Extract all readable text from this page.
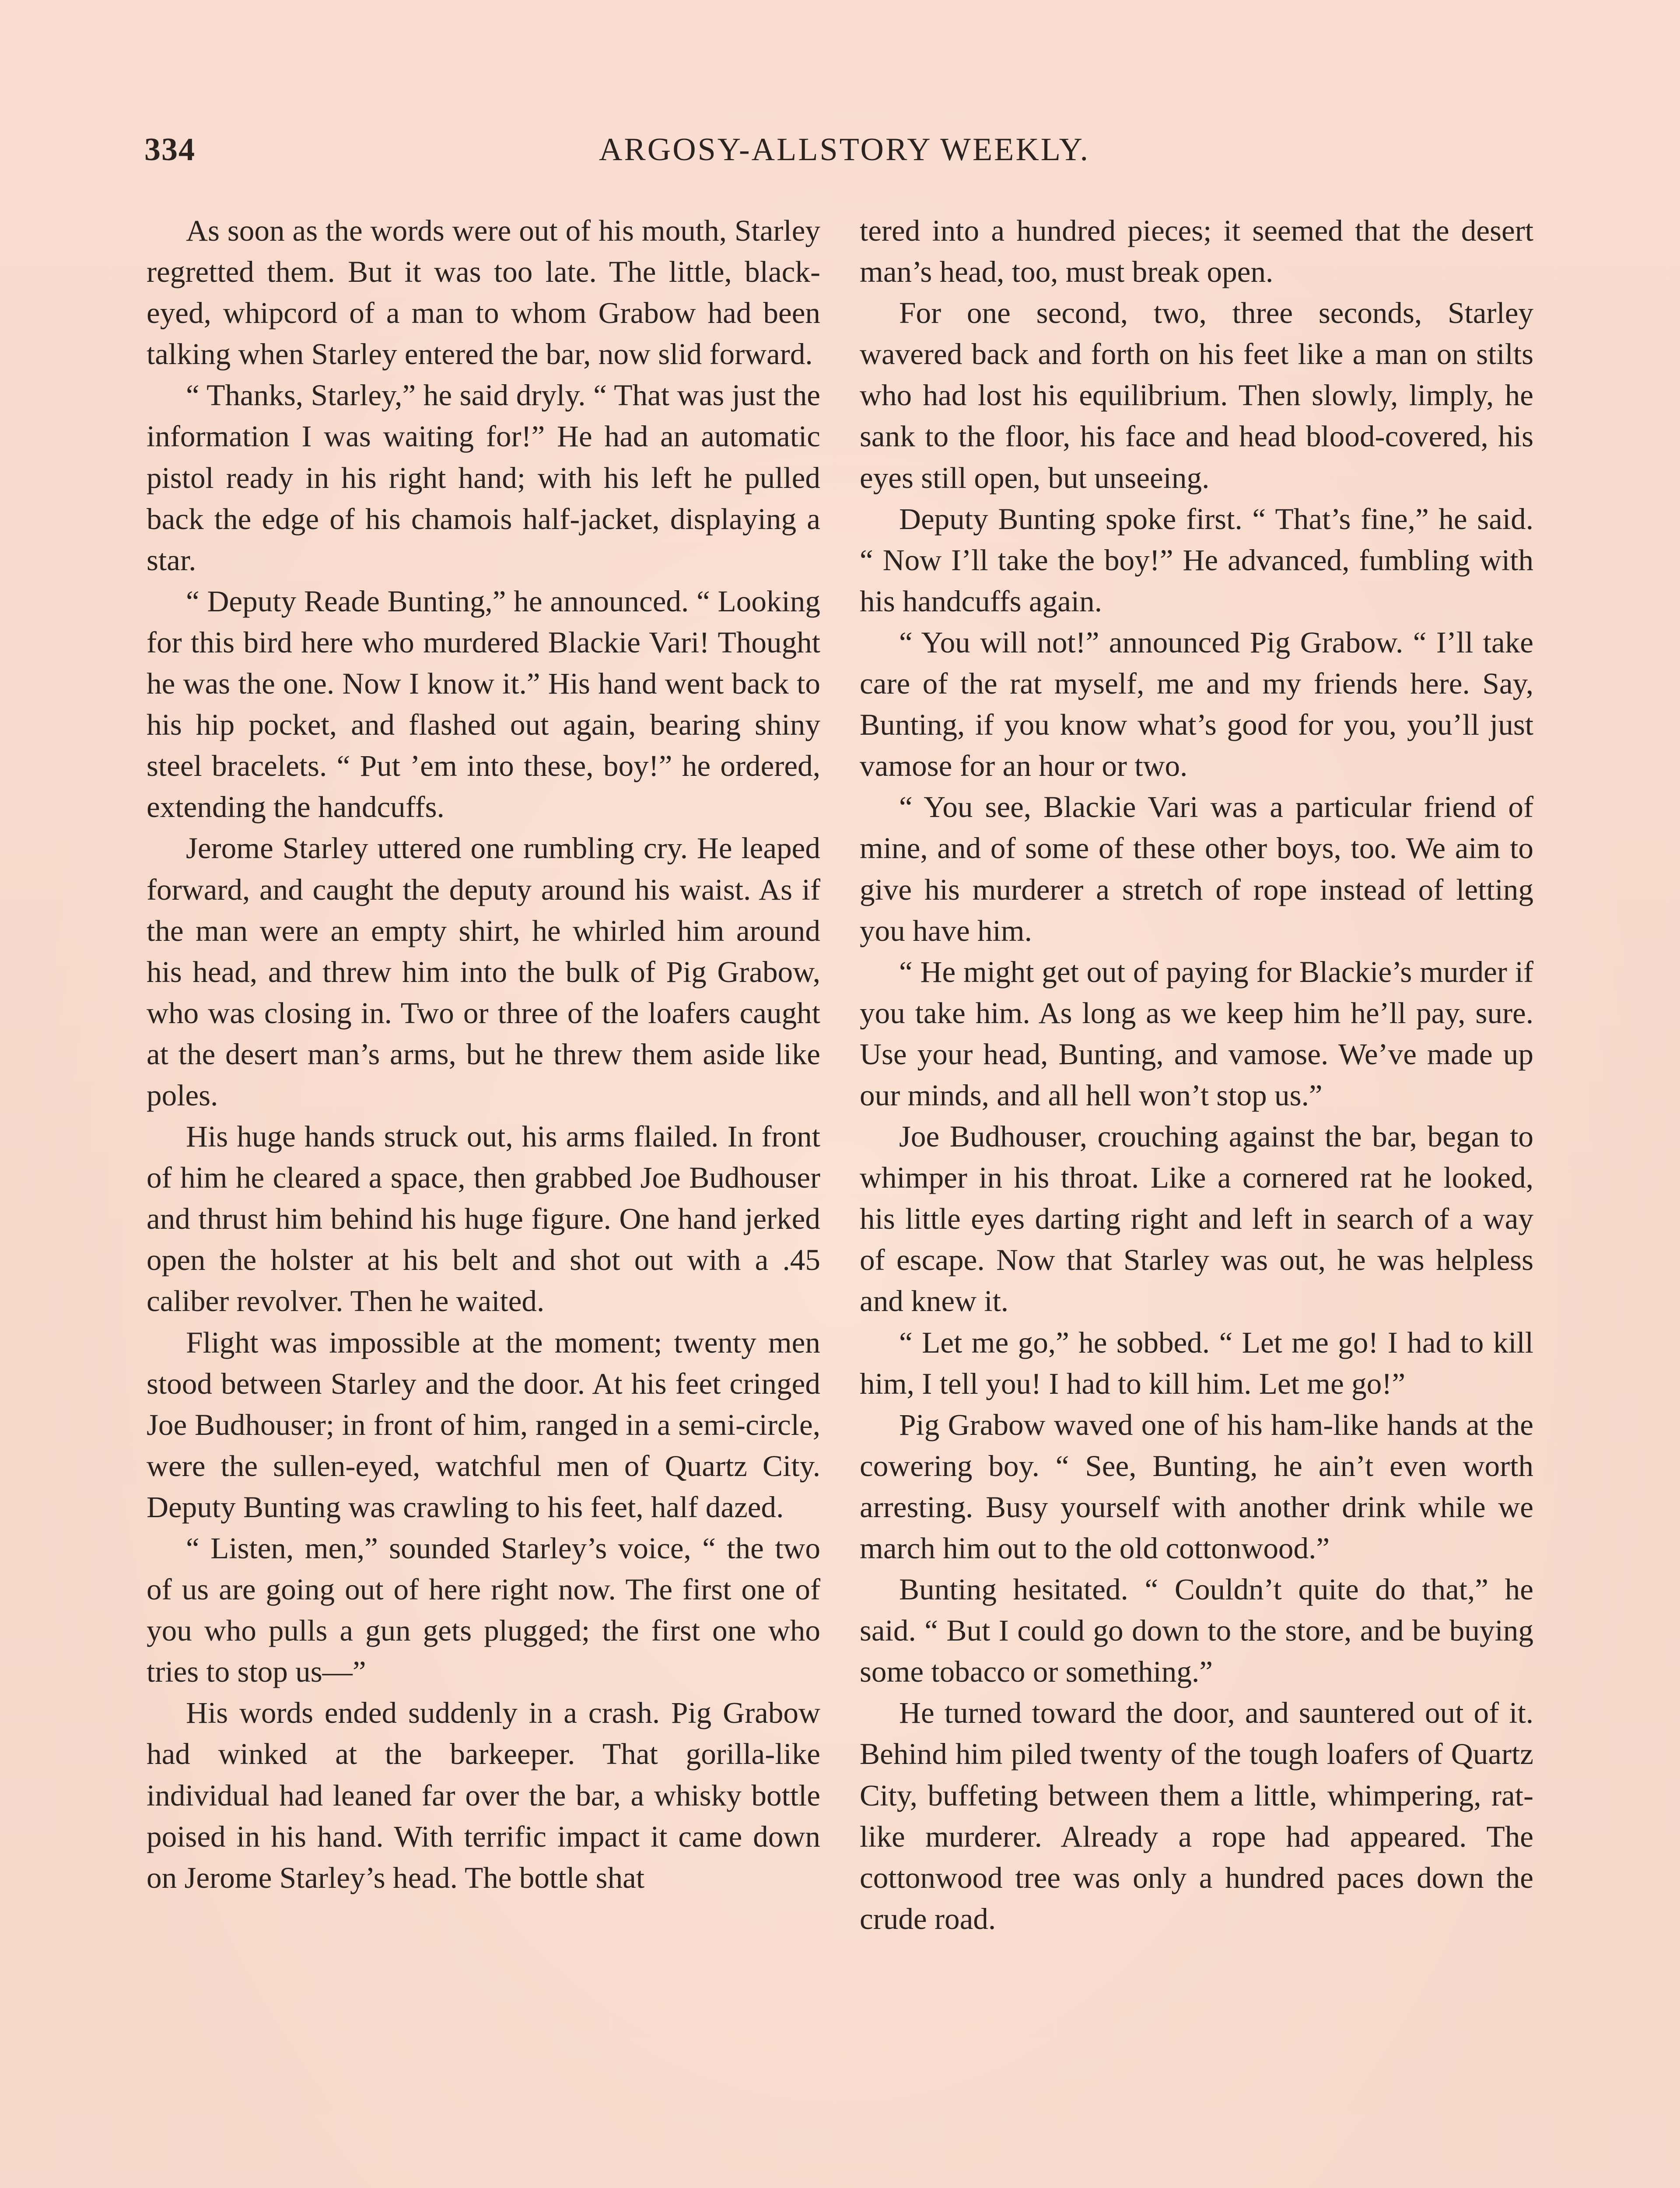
334	ARGOSY-ALLSTORY WEEKLY.

As soon as the words were out of his mouth, Starley regretted them. But it was too late. The little, black-eyed, whipcord of a man to whom Grabow had been talking when Starley entered the bar, now slid forward.

“ Thanks, Starley,” he said dryly. “ That was just the information I was waiting for!” He had an automatic pistol ready in his right hand; with his left he pulled back the edge of his chamois half-jacket, displaying a star.

“ Deputy Reade Bunting,” he announced. “ Looking for this bird here who murdered Blackie Vari! Thought he was the one. Now I know it.” His hand went back to his hip pocket, and flashed out again, bearing shiny steel bracelets. “ Put ’em into these, boy!” he ordered, extending the handcuffs.

Jerome Starley uttered one rumbling cry. He leaped forward, and caught the deputy around his waist. As if the man were an empty shirt, he whirled him around his head, and threw him into the bulk of Pig Grabow, who was closing in. Two or three of the loafers caught at the desert man’s arms, but he threw them aside like poles.

His huge hands struck out, his arms flailed. In front of him he cleared a space, then grabbed Joe Budhouser and thrust him behind his huge figure. One hand jerked open the holster at his belt and shot out with a .45 caliber revolver. Then he waited.

Flight was impossible at the moment; twenty men stood between Starley and the door. At his feet cringed Joe Budhouser; in front of him, ranged in a semi-circle, were the sullen-eyed, watchful men of Quartz City. Deputy Bunting was crawling to his feet, half dazed.

“ Listen, men,” sounded Starley’s voice, “ the two of us are going out of here right now. The first one of you who pulls a gun gets plugged; the first one who tries to stop us—”

His words ended suddenly in a crash. Pig Grabow had winked at the barkeeper. That gorilla-like individual had leaned far over the bar, a whisky bottle poised in his hand. With terrific impact it came down on Jerome Starley’s head. The bottle shat

tered into a hundred pieces; it seemed that the desert man’s head, too, must break open.

For one second, two, three seconds, Starley wavered back and forth on his feet like a man on stilts who had lost his equilibrium. Then slowly, limply, he sank to the floor, his face and head blood-covered, his eyes still open, but unseeing.

Deputy Bunting spoke first. “ That’s fine,” he said. “ Now I’ll take the boy!” He advanced, fumbling with his handcuffs again.

“ You will not!” announced Pig Grabow. “ I’ll take care of the rat myself, me and my friends here. Say, Bunting, if you know what’s good for you, you’ll just vamose for an hour or two.

“ You see, Blackie Vari was a particular friend of mine, and of some of these other boys, too. We aim to give his murderer a stretch of rope instead of letting you have him.

“ He might get out of paying for Blackie’s murder if you take him. As long as we keep him he’ll pay, sure. Use your head, Bunting, and vamose. We’ve made up our minds, and all hell won’t stop us.”

Joe Budhouser, crouching against the bar, began to whimper in his throat. Like a cornered rat he looked, his little eyes darting right and left in search of a way of escape. Now that Starley was out, he was helpless and knew it.

“ Let me go,” he sobbed. “ Let me go! I had to kill him, I tell you! I had to kill him. Let me go!”

Pig Grabow waved one of his ham-like hands at the cowering boy. “ See, Bunting, he ain’t even worth arresting. Busy yourself with another drink while we march him out to the old cottonwood.”

Bunting hesitated. “ Couldn’t quite do that,” he said. “ But I could go down to the store, and be buying some tobacco or something.”

He turned toward the door, and sauntered out of it. Behind him piled twenty of the tough loafers of Quartz City, buffeting between them a little, whimpering, ratlike murderer. Already a rope had appeared. The cottonwood tree was only a hundred paces down the crude road.
